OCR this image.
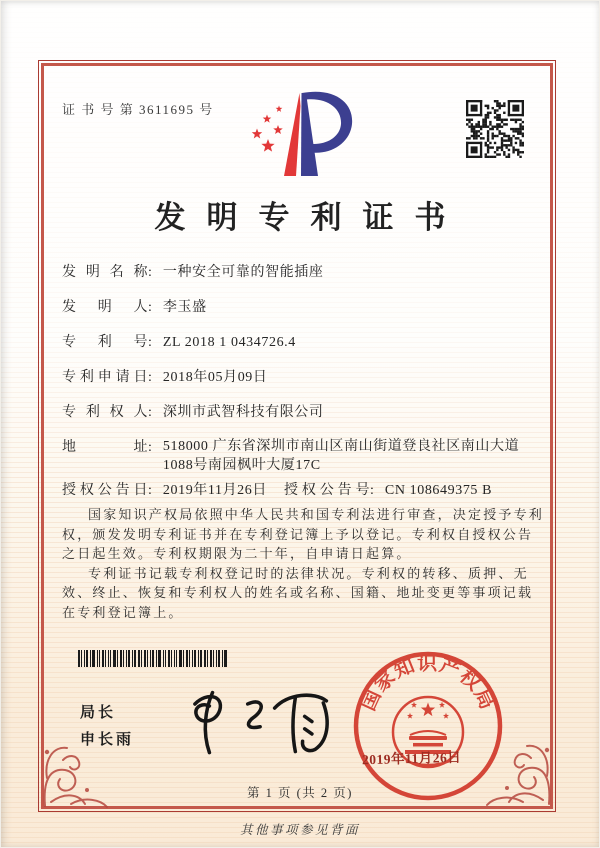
证 书 号 第 3611695 号
发明专利证书
发明名称: 一种安全可靠的智能插座
发明人: 李玉盛
专利号: ZL 2018 1 0434726.4
专利申请日: 2018年05月09日
专利权人: 深圳市武智科技有限公司
地址: 518000 广东省深圳市南山区南山街道登良社区南山大道1088号南园枫叶大厦17C
授权公告日: 2019年11月26日 授权公告号: CN 108649375 B

国家知识产权局依照中华人民共和国专利法进行审查，决定授予专利权，颁发发明专利证书并在专利登记簿上予以登记。专利权自授权公告之日起生效。专利权期限为二十年，自申请日起算。

专利证书记载专利权登记时的法律状况。专利权的转移、质押、无效、终止、恢复和专利权人的姓名或名称、国籍、地址变更等事项记载在专利登记簿上。

局长
申长雨
国家知识产权局
2019年11月26日
第 1 页 (共 2 页)
其他事项参见背面
